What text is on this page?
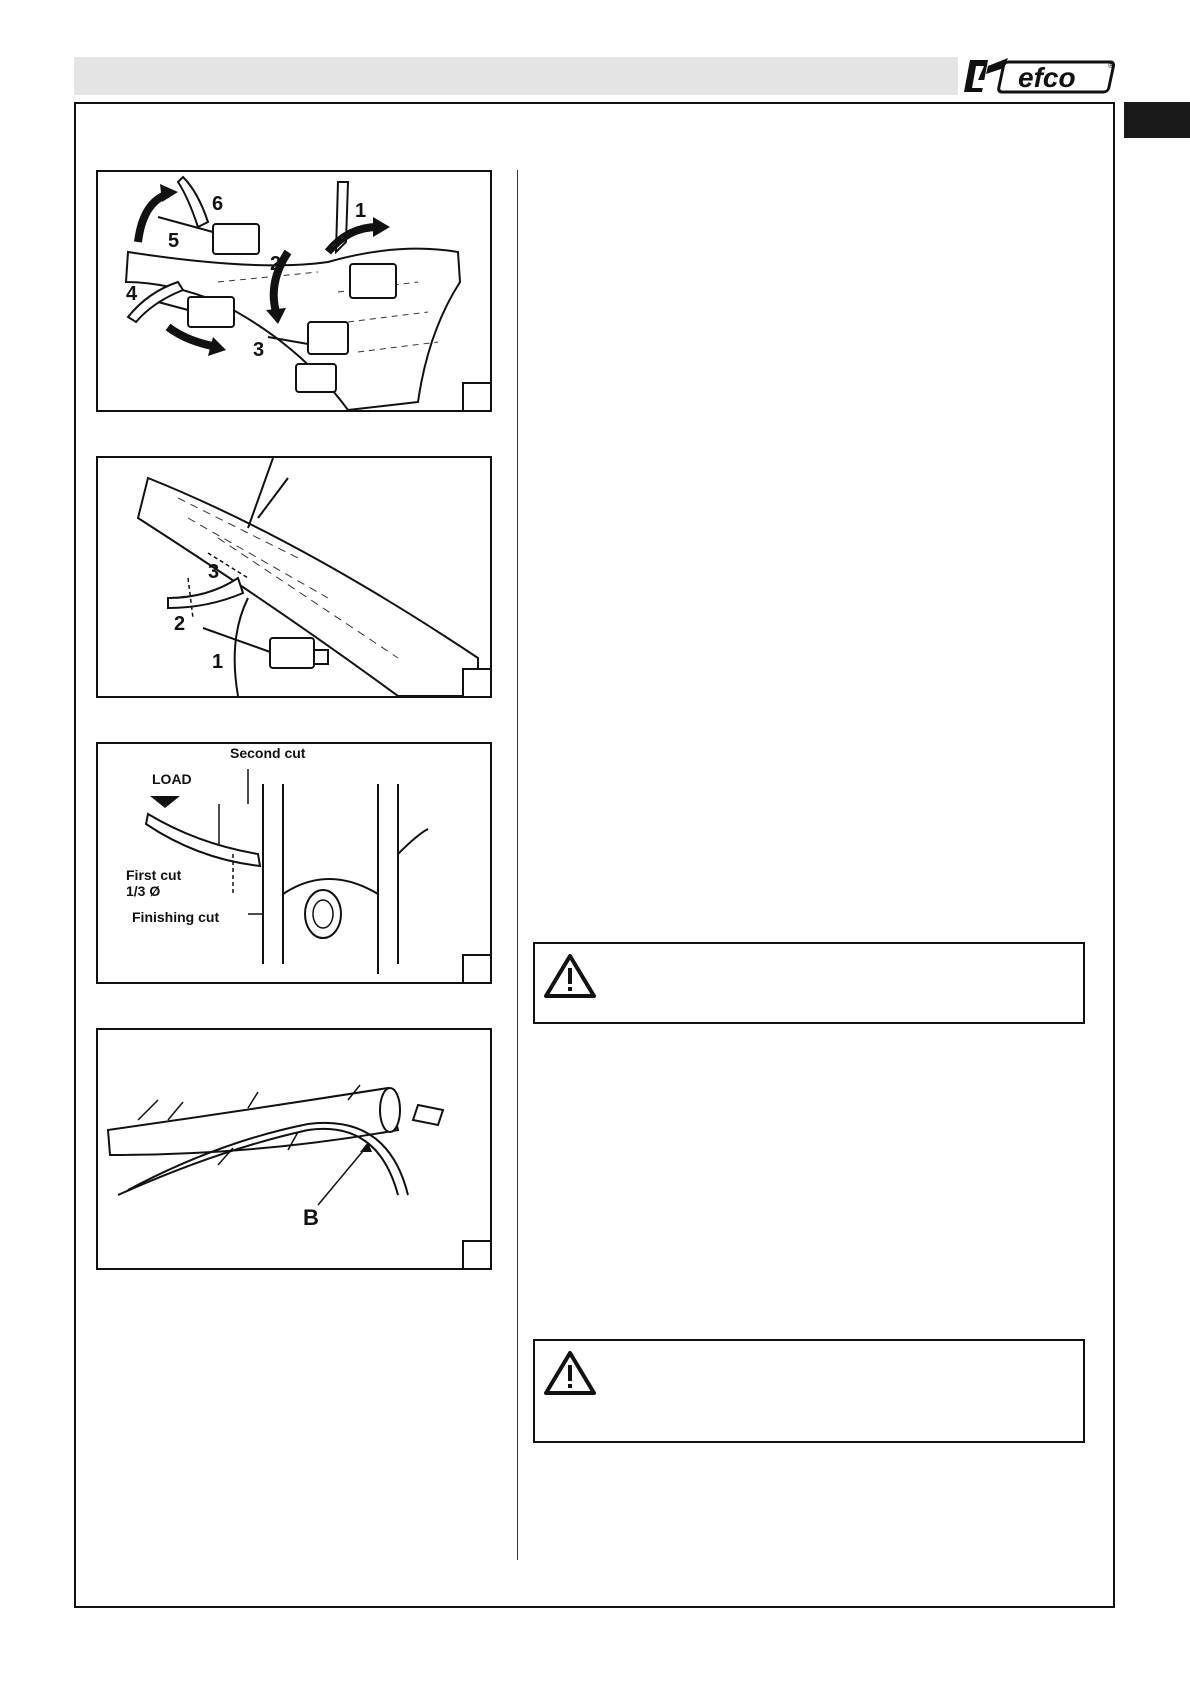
efco	®
1
2
3
4
5
6
3
2
1
Second cut
LOAD
First cut
1/3 Ø
Finishing cut
B
